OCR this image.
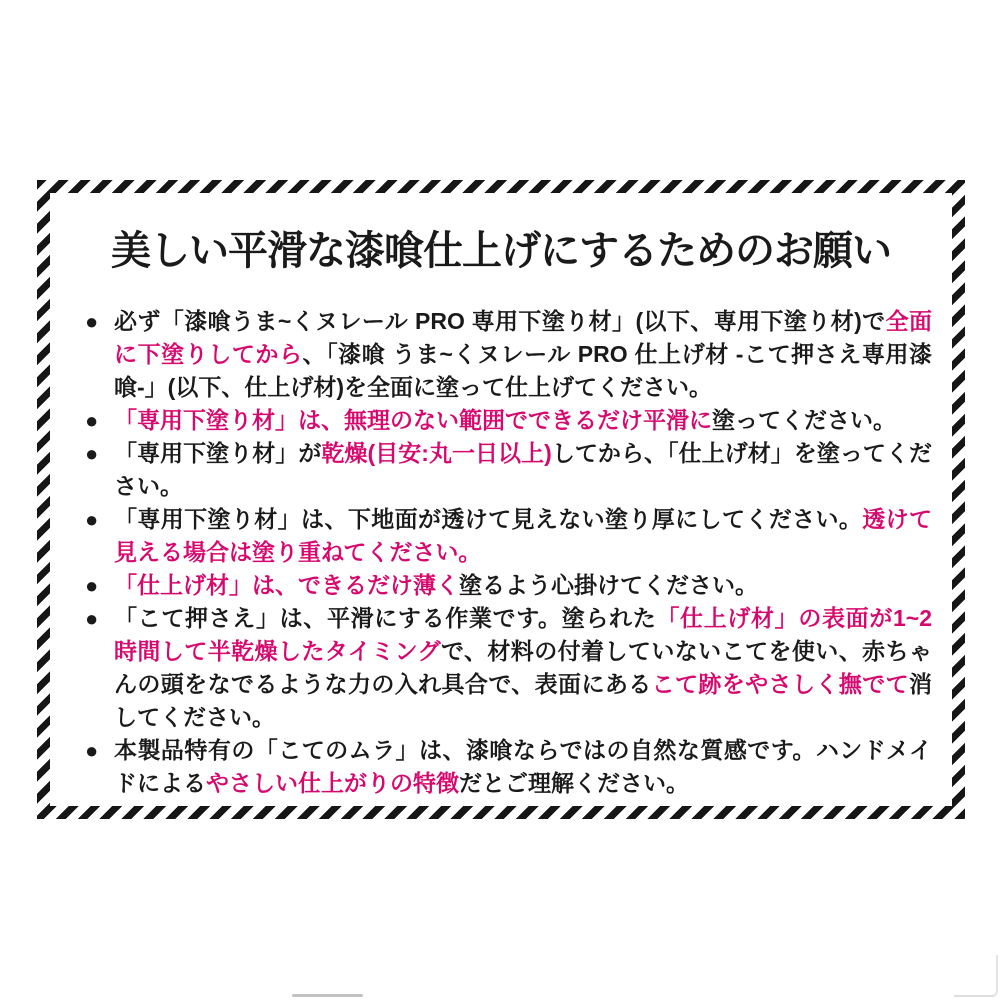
美しい平滑な漆喰仕上げにするためのお願い
● 必ず「漆喰うま~くヌレール PRO 専用下塗り材」(以下、専用下塗り材)で全面に下塗りしてから、「漆喰 うま~くヌレール PRO 仕上げ材 -こて押さえ専用漆喰-」(以下、仕上げ材)を全面に塗って仕上げてください。
● 「専用下塗り材」は、無理のない範囲でできるだけ平滑に塗ってください。
● 「専用下塗り材」が乾燥(目安:丸一日以上)してから、「仕上げ材」を塗ってください。
● 「専用下塗り材」は、下地面が透けて見えない塗り厚にしてください。透けて見える場合は塗り重ねてください。
● 「仕上げ材」は、できるだけ薄く塗るよう心掛けてください。
● 「こて押さえ」は、平滑にする作業です。塗られた「仕上げ材」の表面が1~2時間して半乾燥したタイミングで、材料の付着していないこてを使い、赤ちゃんの頭をなでるような力の入れ具合で、表面にあるこて跡をやさしく撫でて消してください。
● 本製品特有の「こてのムラ」は、漆喰ならではの自然な質感です。ハンドメイドによるやさしい仕上がりの特徴だとご理解ください。
